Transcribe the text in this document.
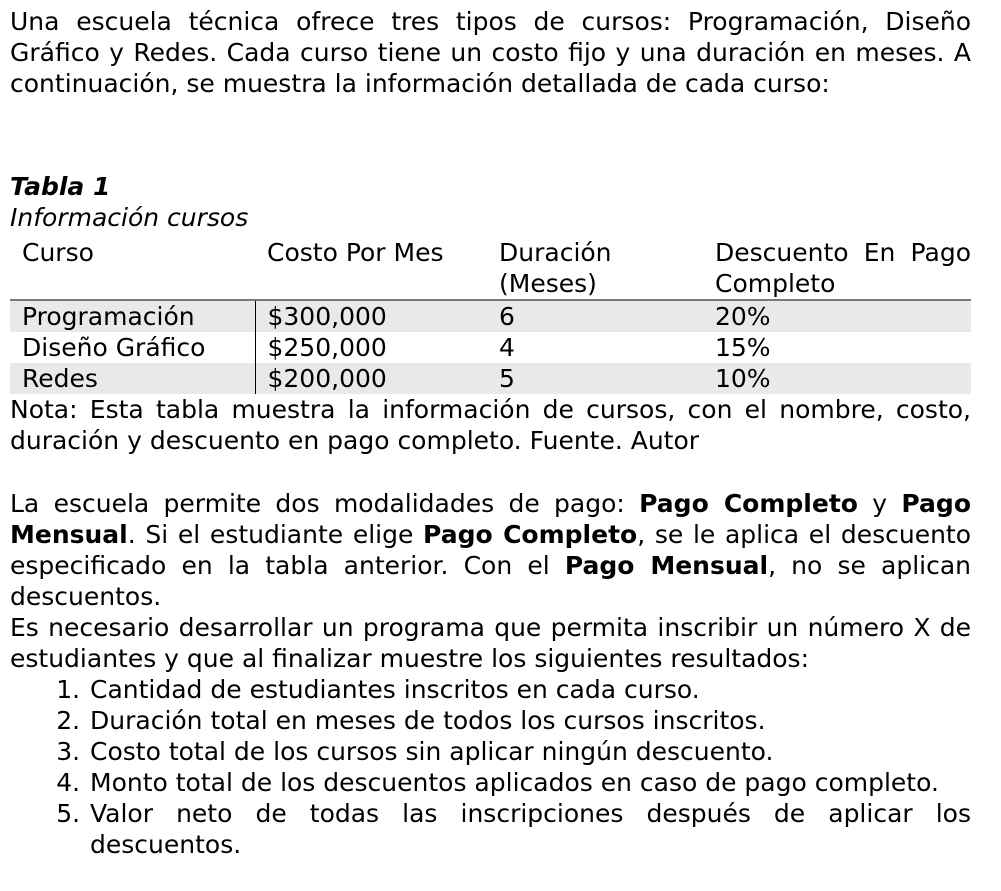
Una escuela técnica ofrece tres tipos de cursos: Programación, Diseño Gráfico y Redes. Cada curso tiene un costo fijo y una duración en meses. A continuación, se muestra la información detallada de cada curso:

Tabla 1

Información cursos

Curso	Costo Por Mes	Duración (Meses)	Descuento En Pago Completo

Programación	$300,000	6	20%
Diseño Gráfico	$250,000	4	15%
Redes	$200,000	5	10%

Nota: Esta tabla muestra la información de cursos, con el nombre, costo, duración y descuento en pago completo. Fuente. Autor

La escuela permite dos modalidades de pago: Pago Completo y Pago Mensual. Si el estudiante elige Pago Completo, se le aplica el descuento especificado en la tabla anterior. Con el Pago Mensual, no se aplican descuentos.

Es necesario desarrollar un programa que permita inscribir un número X de estudiantes y que al finalizar muestre los siguientes resultados:

1. Cantidad de estudiantes inscritos en cada curso.
2. Duración total en meses de todos los cursos inscritos.
3. Costo total de los cursos sin aplicar ningún descuento.
4. Monto total de los descuentos aplicados en caso de pago completo.
5. Valor neto de todas las inscripciones después de aplicar los descuentos.
